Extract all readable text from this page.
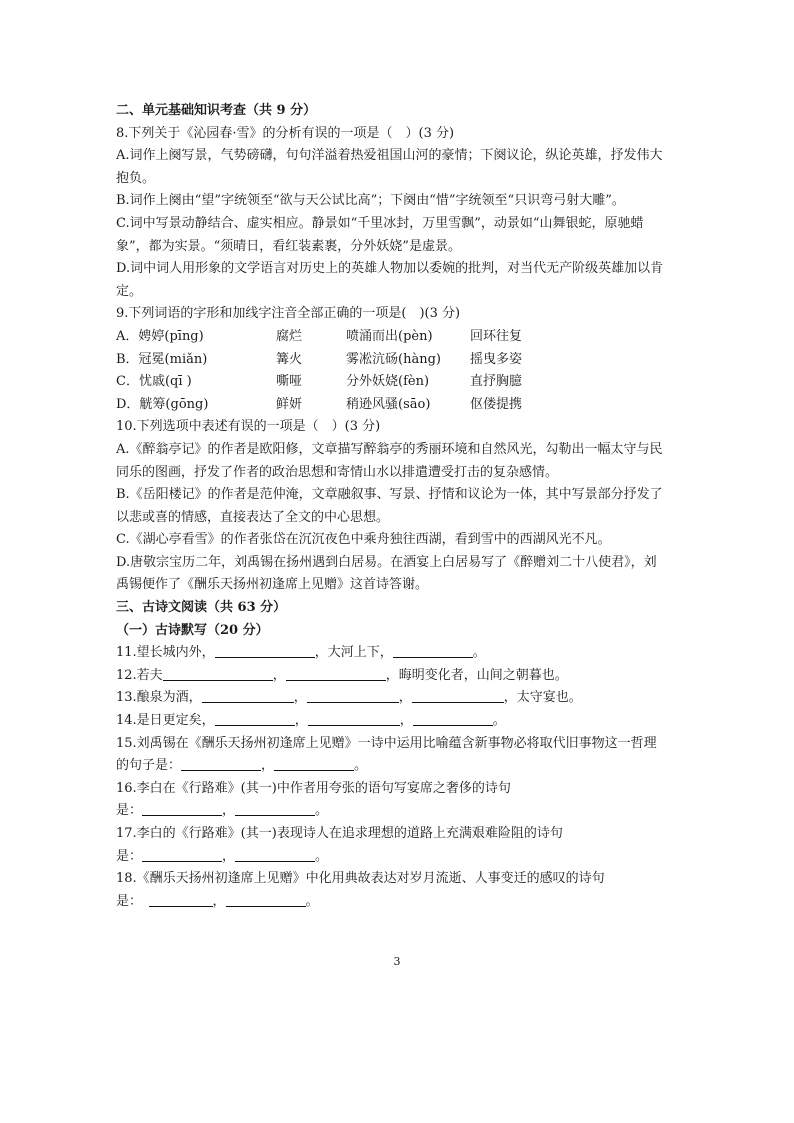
二、单元基础知识考查（共 9 分）
8.下列关于《沁园春·雪》的分析有误的一项是（　）(3 分)
A.词作上阕写景，气势磅礴，句句洋溢着热爱祖国山河的豪情；下阕议论，纵论英雄，抒发伟大
抱负。
B.词作上阕由“望”字统领至“欲与天公试比高”；下阕由“惜”字统领至“只识弯弓射大雕”。
C.词中写景动静结合、虚实相应。静景如“千里冰封，万里雪飘”，动景如“山舞银蛇，原驰蜡
象”，都为实景。“须晴日，看红装素裹，分外妖娆”是虚景。
D.词中词人用形象的文学语言对历史上的英雄人物加以委婉的批判，对当代无产阶级英雄加以肯
定。
9.下列词语的字形和加线字注音全部正确的一项是(　)(3 分)
A．娉婷(pīng)	腐烂	喷涌而出(pèn)	回环往复
B．冠冕(miǎn)	篝火	雾凇沆砀(hàng)	摇曳多姿
C．忧戚(qī )	嘶哑	分外妖娆(fèn)	直抒胸臆
D．觥筹(gōng)	鲜妍	稍逊风骚(sāo)	伛偻提携
10.下列选项中表述有误的一项是（　）(3 分)
A.《醉翁亭记》的作者是欧阳修，文章描写醉翁亭的秀丽环境和自然风光，勾勒出一幅太守与民
同乐的图画，抒发了作者的政治思想和寄情山水以排遣遭受打击的复杂感情。
B.《岳阳楼记》的作者是范仲淹，文章融叙事、写景、抒情和议论为一体，其中写景部分抒发了
以悲或喜的情感，直接表达了全文的中心思想。
C.《湖心亭看雪》的作者张岱在沉沉夜色中乘舟独往西湖，看到雪中的西湖风光不凡。
D.唐敬宗宝历二年，刘禹锡在扬州遇到白居易。在酒宴上白居易写了《醉赠刘二十八使君》，刘
禹锡便作了《酬乐天扬州初逢席上见赠》这首诗答谢。
三、古诗文阅读（共 63 分）
（一）古诗默写（20 分）
11.望长城内外，	，大河上下，	。
12.若夫	，	，晦明变化者，山间之朝暮也。
13.酿泉为酒，	，	，	，太守宴也。
14.是日更定矣，	，	，	。
15.刘禹锡在《酬乐天扬州初逢席上见赠》一诗中运用比喻蕴含新事物必将取代旧事物这一哲理
的句子是：	，	。
16.李白在《行路难》(其一)中作者用夸张的语句写宴席之奢侈的诗句
是：	，	。
17.李白的《行路难》(其一)表现诗人在追求理想的道路上充满艰难险阻的诗句
是：	，	。
18.《酬乐天扬州初逢席上见赠》中化用典故表达对岁月流逝、人事变迁的感叹的诗句
是：　	，	。
3
